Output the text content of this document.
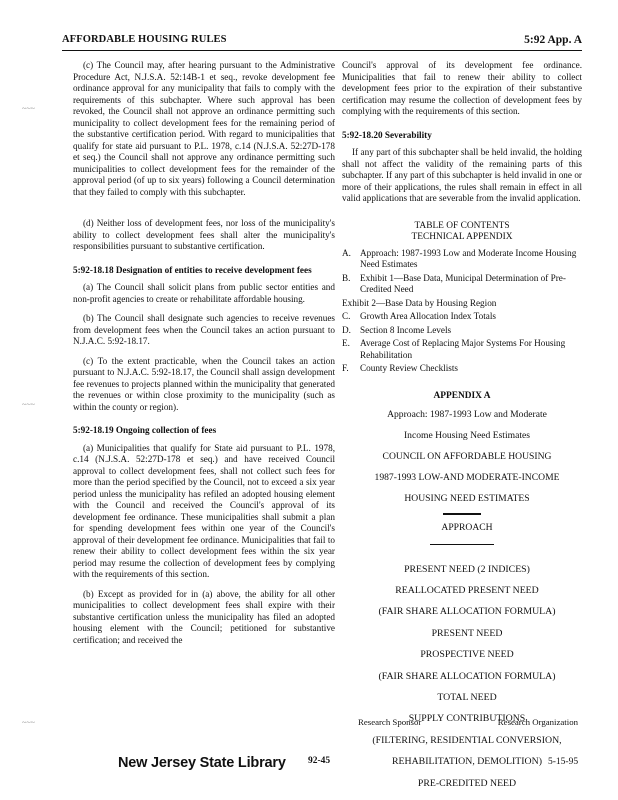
AFFORDABLE HOUSING RULES	5:92 App. A
~~~
~~~
~~~

(c) The Council may, after hearing pursuant to the Administrative Procedure Act, N.J.S.A. 52:14B-1 et seq., revoke development fee ordinance approval for any municipality that fails to comply with the requirements of this subchapter. Where such approval has been revoked, the Council shall not approve an ordinance permitting such municipality to collect development fees for the remaining period of the substantive certification period. With regard to municipalities that qualify for state aid pursuant to P.L. 1978, c.14 (N.J.S.A. 52:27D-178 et seq.) the Council shall not approve any ordinance permitting such municipalities to collect development fees for the remainder of the approval period (of up to six years) following a Council determination that they failed to comply with this subchapter.

(d) Neither loss of development fees, nor loss of the municipality's ability to collect development fees shall alter the municipality's responsibilities pursuant to substantive certification.

5:92-18.18 Designation of entities to receive development fees

(a) The Council shall solicit plans from public sector entities and non-profit agencies to create or rehabilitate affordable housing.

(b) The Council shall designate such agencies to receive revenues from development fees when the Council takes an action pursuant to N.J.A.C. 5:92-18.17.

(c) To the extent practicable, when the Council takes an action pursuant to N.J.A.C. 5:92-18.17, the Council shall assign development fee revenues to projects planned within the municipality that generated the revenues or within close proximity to the municipality (such as within the county or region).

5:92-18.19 Ongoing collection of fees

(a) Municipalities that qualify for State aid pursuant to P.L. 1978, c.14 (N.J.S.A. 52:27D-178 et seq.) and have received Council approval to collect development fees, shall not collect such fees for more than the period specified by the Council, not to exceed a six year period unless the municipality has refiled an adopted housing element with the Council and received the Council's approval of its development fee ordinance. These municipalities shall submit a plan for spending development fees within one year of the Council's approval of their development fee ordinance. Municipalities that fail to renew their ability to collect development fees within the six year period may resume the collection of development fees by complying with the requirements of this section.

(b) Except as provided for in (a) above, the ability for all other municipalities to collect development fees shall expire with their substantive certification unless the municipality has filed an adopted housing element with the Council; petitioned for substantive certification; and received the

Council's approval of its development fee ordinance. Municipalities that fail to renew their ability to collect development fees prior to the expiration of their substantive certification may resume the collection of development fees by complying with the requirements of this section.

5:92-18.20 Severability

If any part of this subchapter shall be held invalid, the holding shall not affect the validity of the remaining parts of this subchapter. If any part of this subchapter is held invalid in one or more of their applications, the rules shall remain in effect in all valid applications that are severable from the invalid application.

TABLE OF CONTENTS
TECHNICAL APPENDIX
A. Approach: 1987-1993 Low and Moderate Income Housing Need Estimates
B. Exhibit 1—Base Data, Municipal Determination of Pre-Credited Need
Exhibit 2—Base Data by Housing Region
C. Growth Area Allocation Index Totals
D. Section 8 Income Levels
E. Average Cost of Replacing Major Systems For Housing Rehabilitation
F. County Review Checklists
APPENDIX A

Approach: 1987-1993 Low and Moderate

Income Housing Need Estimates

COUNCIL ON AFFORDABLE HOUSING

1987-1993 LOW-AND MODERATE-INCOME

HOUSING NEED ESTIMATES

APPROACH

PRESENT NEED (2 INDICES)

REALLOCATED PRESENT NEED

(FAIR SHARE ALLOCATION FORMULA)

PRESENT NEED

PROSPECTIVE NEED

(FAIR SHARE ALLOCATION FORMULA)

TOTAL NEED

SUPPLY CONTRIBUTIONS

(FILTERING, RESIDENTIAL CONVERSION,

REHABILITATION, DEMOLITION)

PRE-CREDITED NEED

Research Sponsor	Research Organization
New Jersey State Library 92-45	5-15-95
